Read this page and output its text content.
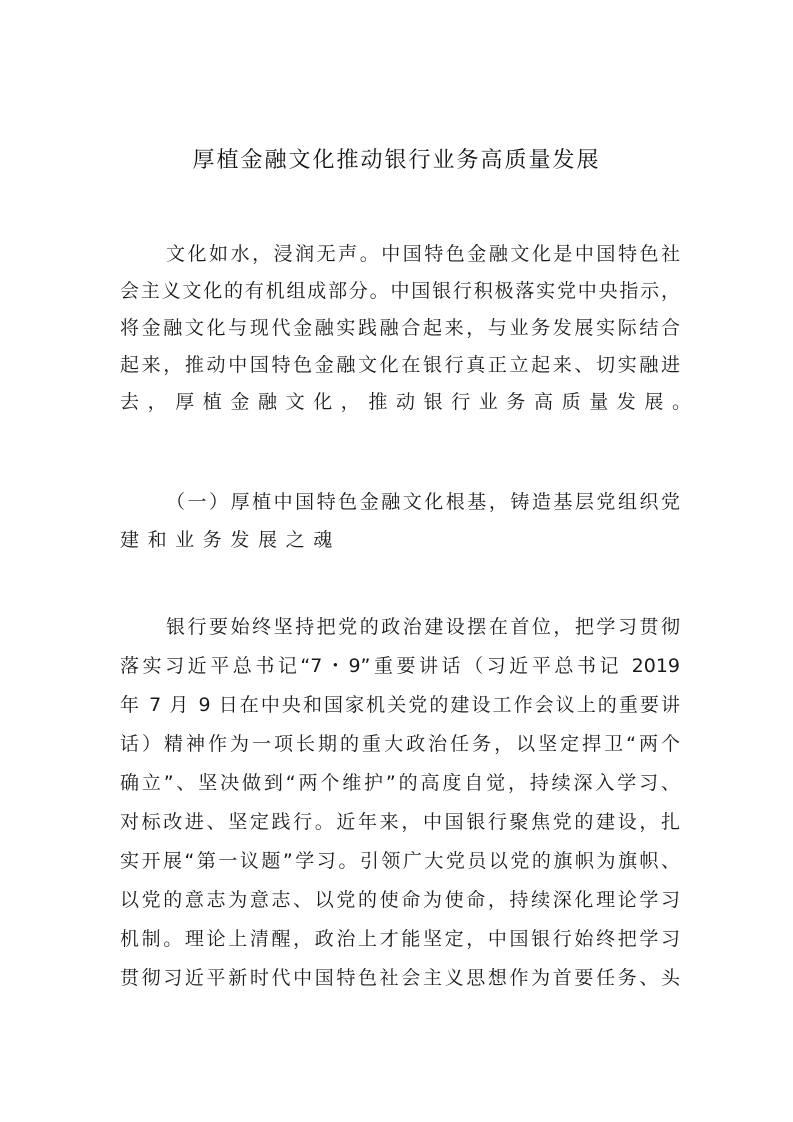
厚植金融文化推动银行业务高质量发展
文化如水，浸润无声。中国特色金融文化是中国特色社
会主义文化的有机组成部分。中国银行积极落实党中央指示，
将金融文化与现代金融实践融合起来，与业务发展实际结合
起来，推动中国特色金融文化在银行真正立起来、切实融进
去，厚植金融文化，推动银行业务高质量发展。
（一）厚植中国特色金融文化根基，铸造基层党组织党
建和业务发展之魂
银行要始终坚持把党的政治建设摆在首位，把学习贯彻
落实习近平总书记“7・9”重要讲话（习近平总书记 2019
年 7 月 9 日在中央和国家机关党的建设工作会议上的重要讲
话）精神作为一项长期的重大政治任务，以坚定捍卫“两个
确立”、坚决做到“两个维护”的高度自觉，持续深入学习、
对标改进、坚定践行。近年来，中国银行聚焦党的建设，扎
实开展“第一议题”学习。引领广大党员以党的旗帜为旗帜、
以党的意志为意志、以党的使命为使命，持续深化理论学习
机制。理论上清醒，政治上才能坚定，中国银行始终把学习
贯彻习近平新时代中国特色社会主义思想作为首要任务、头
